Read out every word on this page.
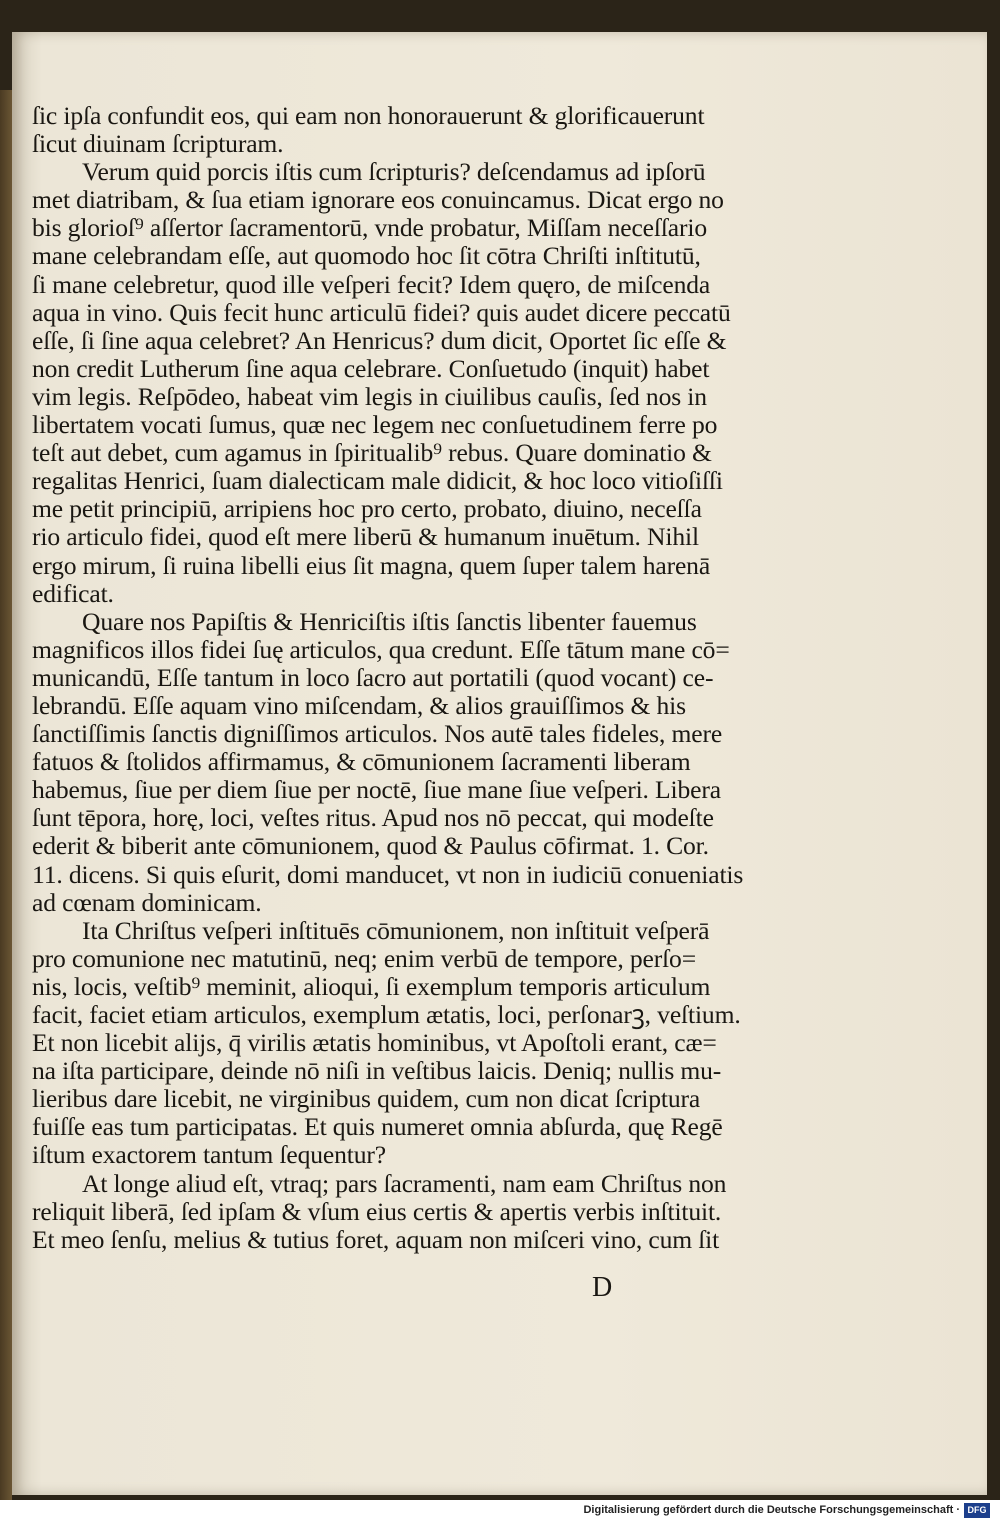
ſic ipſa confundit eos, qui eam non honorauerunt & glorificauerunt
ſicut diuinam ſcripturam.
Verum quid porcis iſtis cum ſcripturis? deſcendamus ad ipſorū
met diatribam, & ſua etiam ignorare eos conuincamus. Dicat ergo no
bis glorioſ⁹ aſſertor ſacramentorū, vnde probatur, Miſſam neceſſario
mane celebrandam eſſe, aut quomodo hoc ſit cōtra Chriſti inſtitutū,
ſi mane celebretur, quod ille veſperi fecit? Idem quęro, de miſcenda
aqua in vino. Quis fecit hunc articulū fidei? quis audet dicere peccatū
eſſe, ſi ſine aqua celebret? An Henricus? dum dicit, Oportet ſic eſſe &
non credit Lutherum ſine aqua celebrare. Conſuetudo (inquit) habet
vim legis. Reſpōdeo, habeat vim legis in ciuilibus cauſis, ſed nos in
libertatem vocati ſumus, quæ nec legem nec conſuetudinem ferre po
teſt aut debet, cum agamus in ſpiritualib⁹ rebus. Quare dominatio &
regalitas Henrici, ſuam dialecticam male didicit, & hoc loco vitioſiſſi
me petit principiū, arripiens hoc pro certo, probato, diuino, neceſſa
rio articulo fidei, quod eſt mere liberū & humanum inuētum. Nihil
ergo mirum, ſi ruina libelli eius ſit magna, quem ſuper talem harenā
edificat.
Quare nos Papiſtis & Henriciſtis iſtis ſanctis libenter fauemus
magnificos illos fidei ſuę articulos, qua credunt. Eſſe tātum mane cō=
municandū, Eſſe tantum in loco ſacro aut portatili (quod vocant) ce-
lebrandū. Eſſe aquam vino miſcendam, & alios grauiſſimos & his
ſanctiſſimis ſanctis digniſſimos articulos. Nos autē tales fideles, mere
fatuos & ſtolidos affirmamus, & cōmunionem ſacramenti liberam
habemus, ſiue per diem ſiue per noctē, ſiue mane ſiue veſperi. Libera
ſunt tēpora, horę, loci, veſtes ritus. Apud nos nō peccat, qui modeſte
ederit & biberit ante cōmunionem, quod & Paulus cōfirmat. 1. Cor.
11. dicens. Si quis eſurit, domi manducet, vt non in iudiciū conueniatis
ad cœnam dominicam.
Ita Chriſtus veſperi inſtituēs cōmunionem, non inſtituit veſperā
pro comunione nec matutinū, neq; enim verbū de tempore, perſo=
nis, locis, veſtib⁹ meminit, alioqui, ſi exemplum temporis articulum
facit, faciet etiam articulos, exemplum ætatis, loci, perſonarꝫ, veſtium.
Et non licebit alijs, q̄ virilis ætatis hominibus, vt Apoſtoli erant, cæ=
na iſta participare, deinde nō niſi in veſtibus laicis. Deniq; nullis mu-
lieribus dare licebit, ne virginibus quidem, cum non dicat ſcriptura
fuiſſe eas tum participatas. Et quis numeret omnia abſurda, quę Regē
iſtum exactorem tantum ſequentur?
At longe aliud eſt, vtraq; pars ſacramenti, nam eam Chriſtus non
reliquit liberā, ſed ipſam & vſum eius certis & apertis verbis inſtituit.
Et meo ſenſu, melius & tutius foret, aquam non miſceri vino, cum ſit
D
Digitalisierung gefördert durch die Deutsche Forschungsgemeinschaft · DFG
